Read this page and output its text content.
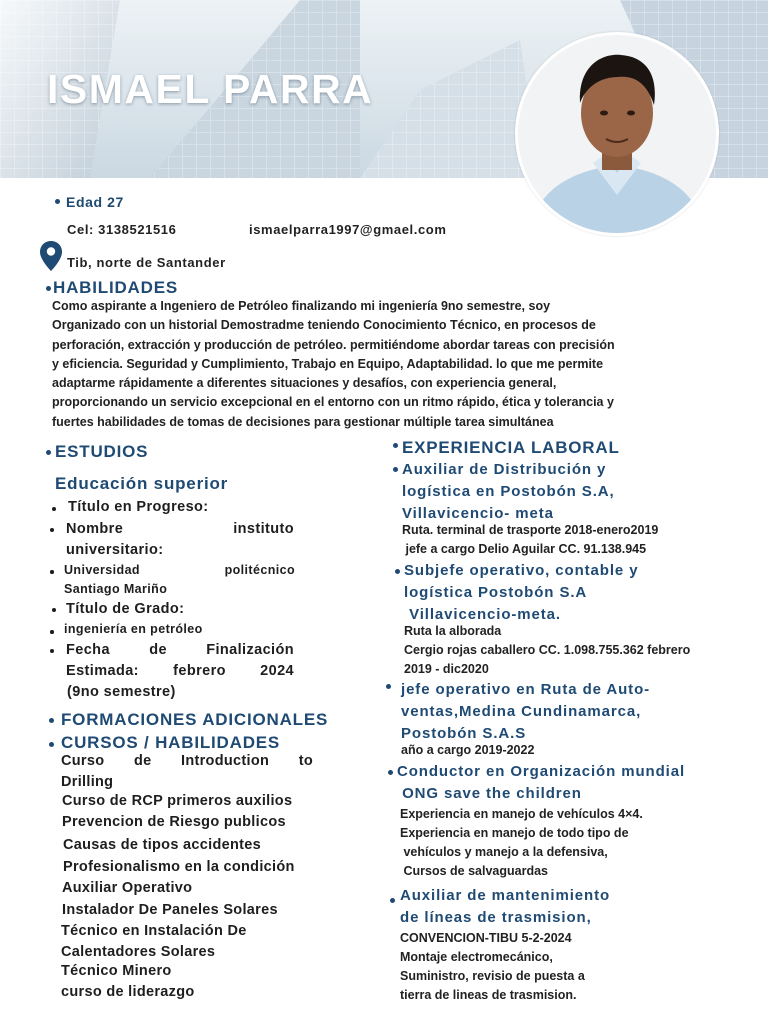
ISMAEL PARRA
Edad 27
Cel: 3138521516	ismaelparra1997@gmael.com
Tib, norte de Santander
HABILIDADES
Como aspirante a Ingeniero de Petróleo finalizando mi ingeniería 9no semestre, soy
Organizado con un historial Demostradme teniendo Conocimiento Técnico, en procesos de
perforación, extracción y producción de petróleo. permitiéndome abordar tareas con precisión
y eficiencia. Seguridad y Cumplimiento, Trabajo en Equipo, Adaptabilidad. lo que me permite
adaptarme rápidamente a diferentes situaciones y desafíos, con experiencia general,
proporcionando un servicio excepcional en el entorno con un ritmo rápido, ética y tolerancia y
fuertes habilidades de tomas de decisiones para gestionar múltiple tarea simultánea
ESTUDIOS
Educación superior
Título en Progreso:
Nombre	instituto
universitario:
Universidad	politécnico
Santiago Mariño
Título de Grado:
ingeniería en petróleo
Fecha	de	Finalización
Estimada: febrero 2024
(9no semestre)
FORMACIONES ADICIONALES
CURSOS / HABILIDADES
Curso de Introduction to
Drilling
Curso de RCP primeros auxilios
Prevencion de Riesgo publicos
Causas de tipos accidentes
Profesionalismo en la condición
Auxiliar Operativo
Instalador De Paneles Solares
Técnico en Instalación De
Calentadores Solares
Técnico Minero
curso de liderazgo
EXPERIENCIA LABORAL
Auxiliar de Distribución y
logística en Postobón S.A,
Villavicencio- meta
Ruta. terminal de trasporte 2018-enero2019
jefe a cargo Delio Aguilar CC. 91.138.945
Subjefe operativo, contable y
logística Postobón S.A
Villavicencio-meta.
Ruta la alborada
Cergio rojas caballero CC. 1.098.755.362 febrero
2019 - dic2020
jefe operativo en Ruta de Auto-
ventas,Medina Cundinamarca,
Postobón S.A.S
año a cargo 2019-2022
Conductor en Organización mundial
ONG save the children
Experiencia en manejo de vehículos 4×4.
Experiencia en manejo de todo tipo de
vehículos y manejo a la defensiva,
Cursos de salvaguardas
Auxiliar de mantenimiento
de líneas de trasmision,
CONVENCION-TIBU 5-2-2024
Montaje electromecánico,
Suministro, revisio de puesta a
tierra de lineas de trasmision.
